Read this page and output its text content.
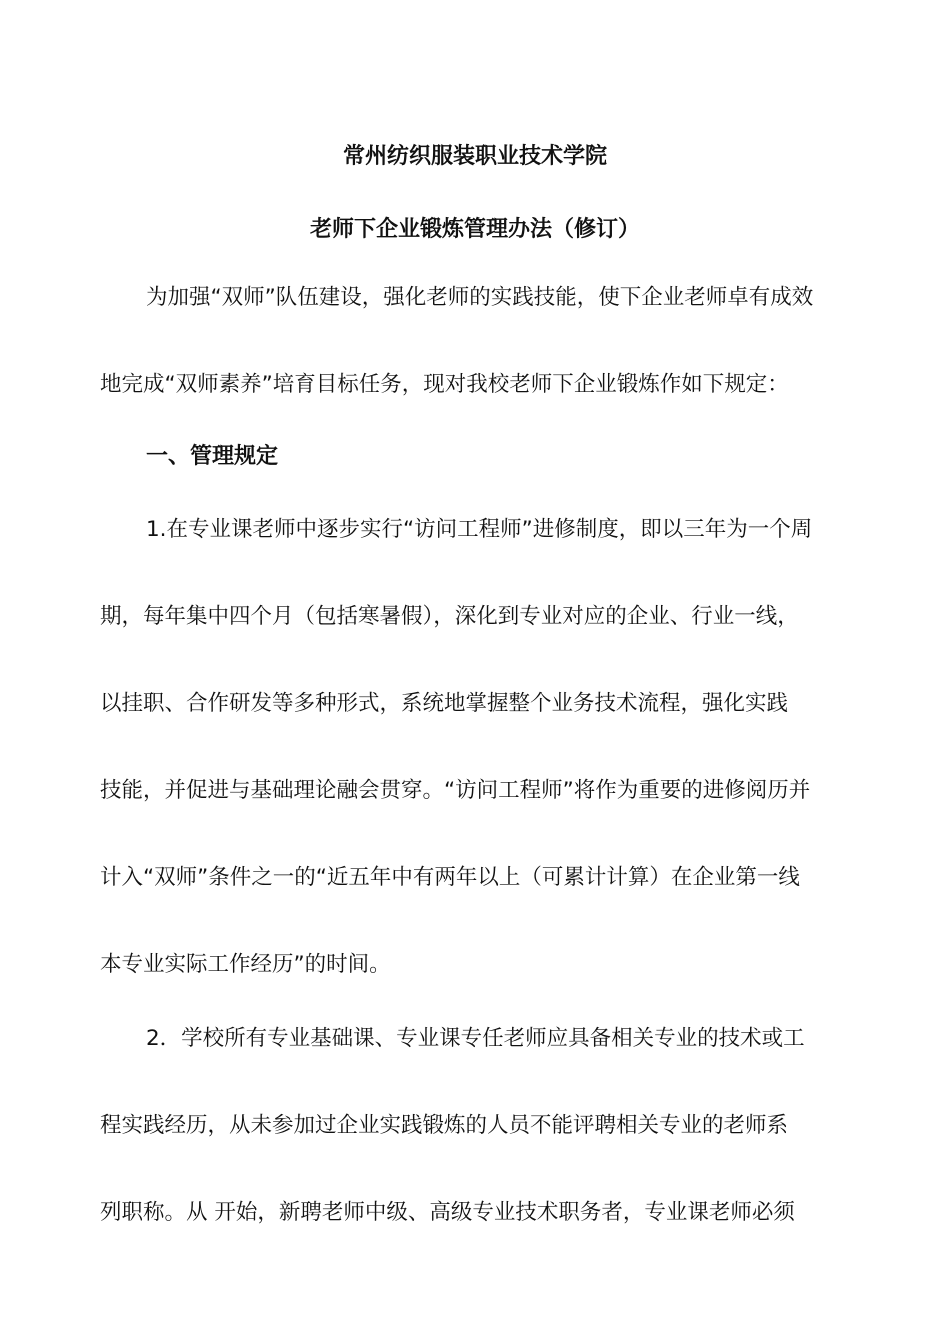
常州纺织服装职业技术学院
老师下企业锻炼管理办法（修订）
为加强“双师”队伍建设，强化老师的实践技能，使下企业老师卓有成效
地完成“双师素养”培育目标任务，现对我校老师下企业锻炼作如下规定：
一、管理规定
1.在专业课老师中逐步实行“访问工程师”进修制度，即以三年为一个周
期，每年集中四个月（包括寒暑假），深化到专业对应的企业、行业一线，
以挂职、合作研发等多种形式，系统地掌握整个业务技术流程，强化实践
技能，并促进与基础理论融会贯穿。“访问工程师”将作为重要的进修阅历并
计入“双师”条件之一的“近五年中有两年以上（可累计计算）在企业第一线
本专业实际工作经历”的时间。
2．学校所有专业基础课、专业课专任老师应具备相关专业的技术或工
程实践经历，从未参加过企业实践锻炼的人员不能评聘相关专业的老师系
列职称。从 开始，新聘老师中级、高级专业技术职务者，专业课老师必须
